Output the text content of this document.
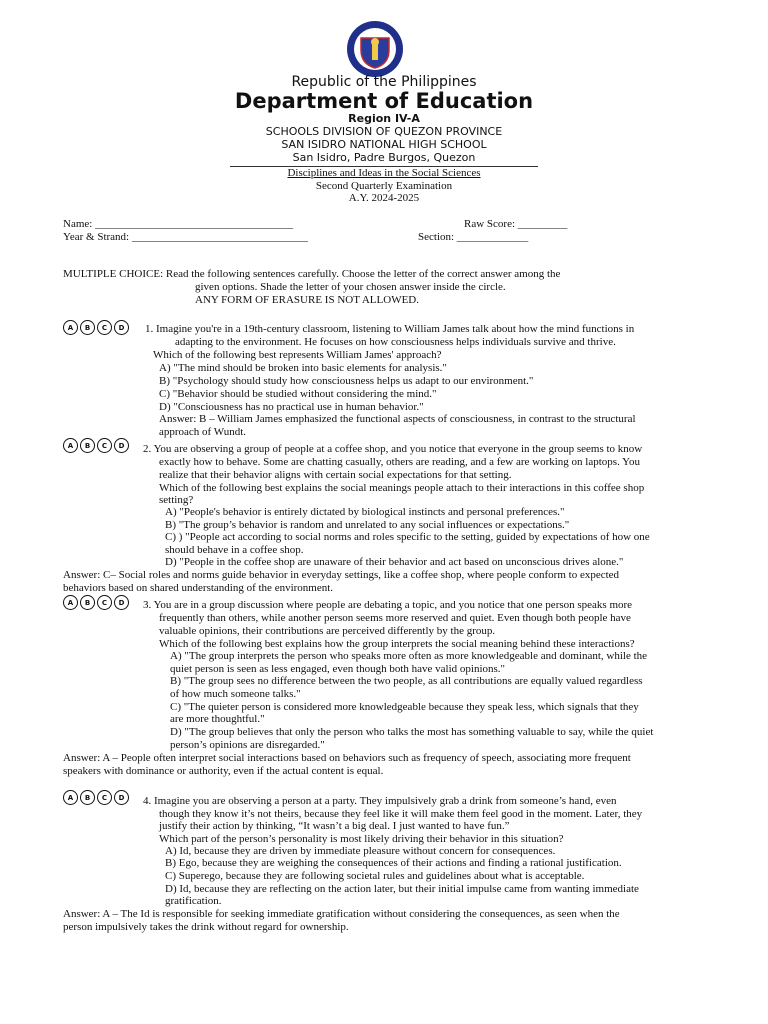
Republic of the Philippines
Department of Education
Region IV-A
SCHOOLS DIVISION OF QUEZON PROVINCE
SAN ISIDRO NATIONAL HIGH SCHOOL
San Isidro, Padre Burgos, Quezon
Disciplines and Ideas in the Social Sciences
Second Quarterly Examination
A.Y. 2024-2025
Name: ____________________________________	Raw Score: _________
Year & Strand: ________________________________	Section: _____________
MULTIPLE CHOICE: Read the following sentences carefully. Choose the letter of the correct answer among the
given options. Shade the letter of your chosen answer inside the circle.
ANY FORM OF ERASURE IS NOT ALLOWED.
A	B	C	D	1. Imagine you're in a 19th-century classroom, listening to William James talk about how the mind functions in
adapting to the environment. He focuses on how consciousness helps individuals survive and thrive.
Which of the following best represents William James' approach?
A) "The mind should be broken into basic elements for analysis."
B) "Psychology should study how consciousness helps us adapt to our environment."
C) "Behavior should be studied without considering the mind."
D) "Consciousness has no practical use in human behavior."
Answer: B – William James emphasized the functional aspects of consciousness, in contrast to the structural
approach of Wundt.
A	B	C	D	2. You are observing a group of people at a coffee shop, and you notice that everyone in the group seems to know
exactly how to behave. Some are chatting casually, others are reading, and a few are working on laptops. You
realize that their behavior aligns with certain social expectations for that setting.
Which of the following best explains the social meanings people attach to their interactions in this coffee shop
setting?
A) "People's behavior is entirely dictated by biological instincts and personal preferences."
B) "The group’s behavior is random and unrelated to any social influences or expectations."
C) ) "People act according to social norms and roles specific to the setting, guided by expectations of how one
should behave in a coffee shop.
D) "People in the coffee shop are unaware of their behavior and act based on unconscious drives alone."
Answer: C– Social roles and norms guide behavior in everyday settings, like a coffee shop, where people conform to expected
behaviors based on shared understanding of the environment.
A	B	C	D	3. You are in a group discussion where people are debating a topic, and you notice that one person speaks more
frequently than others, while another person seems more reserved and quiet. Even though both people have
valuable opinions, their contributions are perceived differently by the group.
Which of the following best explains how the group interprets the social meaning behind these interactions?
A) "The group interprets the person who speaks more often as more knowledgeable and dominant, while the
quiet person is seen as less engaged, even though both have valid opinions."
B) "The group sees no difference between the two people, as all contributions are equally valued regardless
of how much someone talks."
C) "The quieter person is considered more knowledgeable because they speak less, which signals that they
are more thoughtful."
D) "The group believes that only the person who talks the most has something valuable to say, while the quiet
person’s opinions are disregarded."
Answer: A – People often interpret social interactions based on behaviors such as frequency of speech, associating more frequent
speakers with dominance or authority, even if the actual content is equal.
A	B	C	D	4. Imagine you are observing a person at a party. They impulsively grab a drink from someone’s hand, even
though they know it’s not theirs, because they feel like it will make them feel good in the moment. Later, they
justify their action by thinking, “It wasn’t a big deal. I just wanted to have fun.”
Which part of the person’s personality is most likely driving their behavior in this situation?
A) Id, because they are driven by immediate pleasure without concern for consequences.
B) Ego, because they are weighing the consequences of their actions and finding a rational justification.
C) Superego, because they are following societal rules and guidelines about what is acceptable.
D) Id, because they are reflecting on the action later, but their initial impulse came from wanting immediate
gratification.
Answer: A – The Id is responsible for seeking immediate gratification without considering the consequences, as seen when the
person impulsively takes the drink without regard for ownership.
